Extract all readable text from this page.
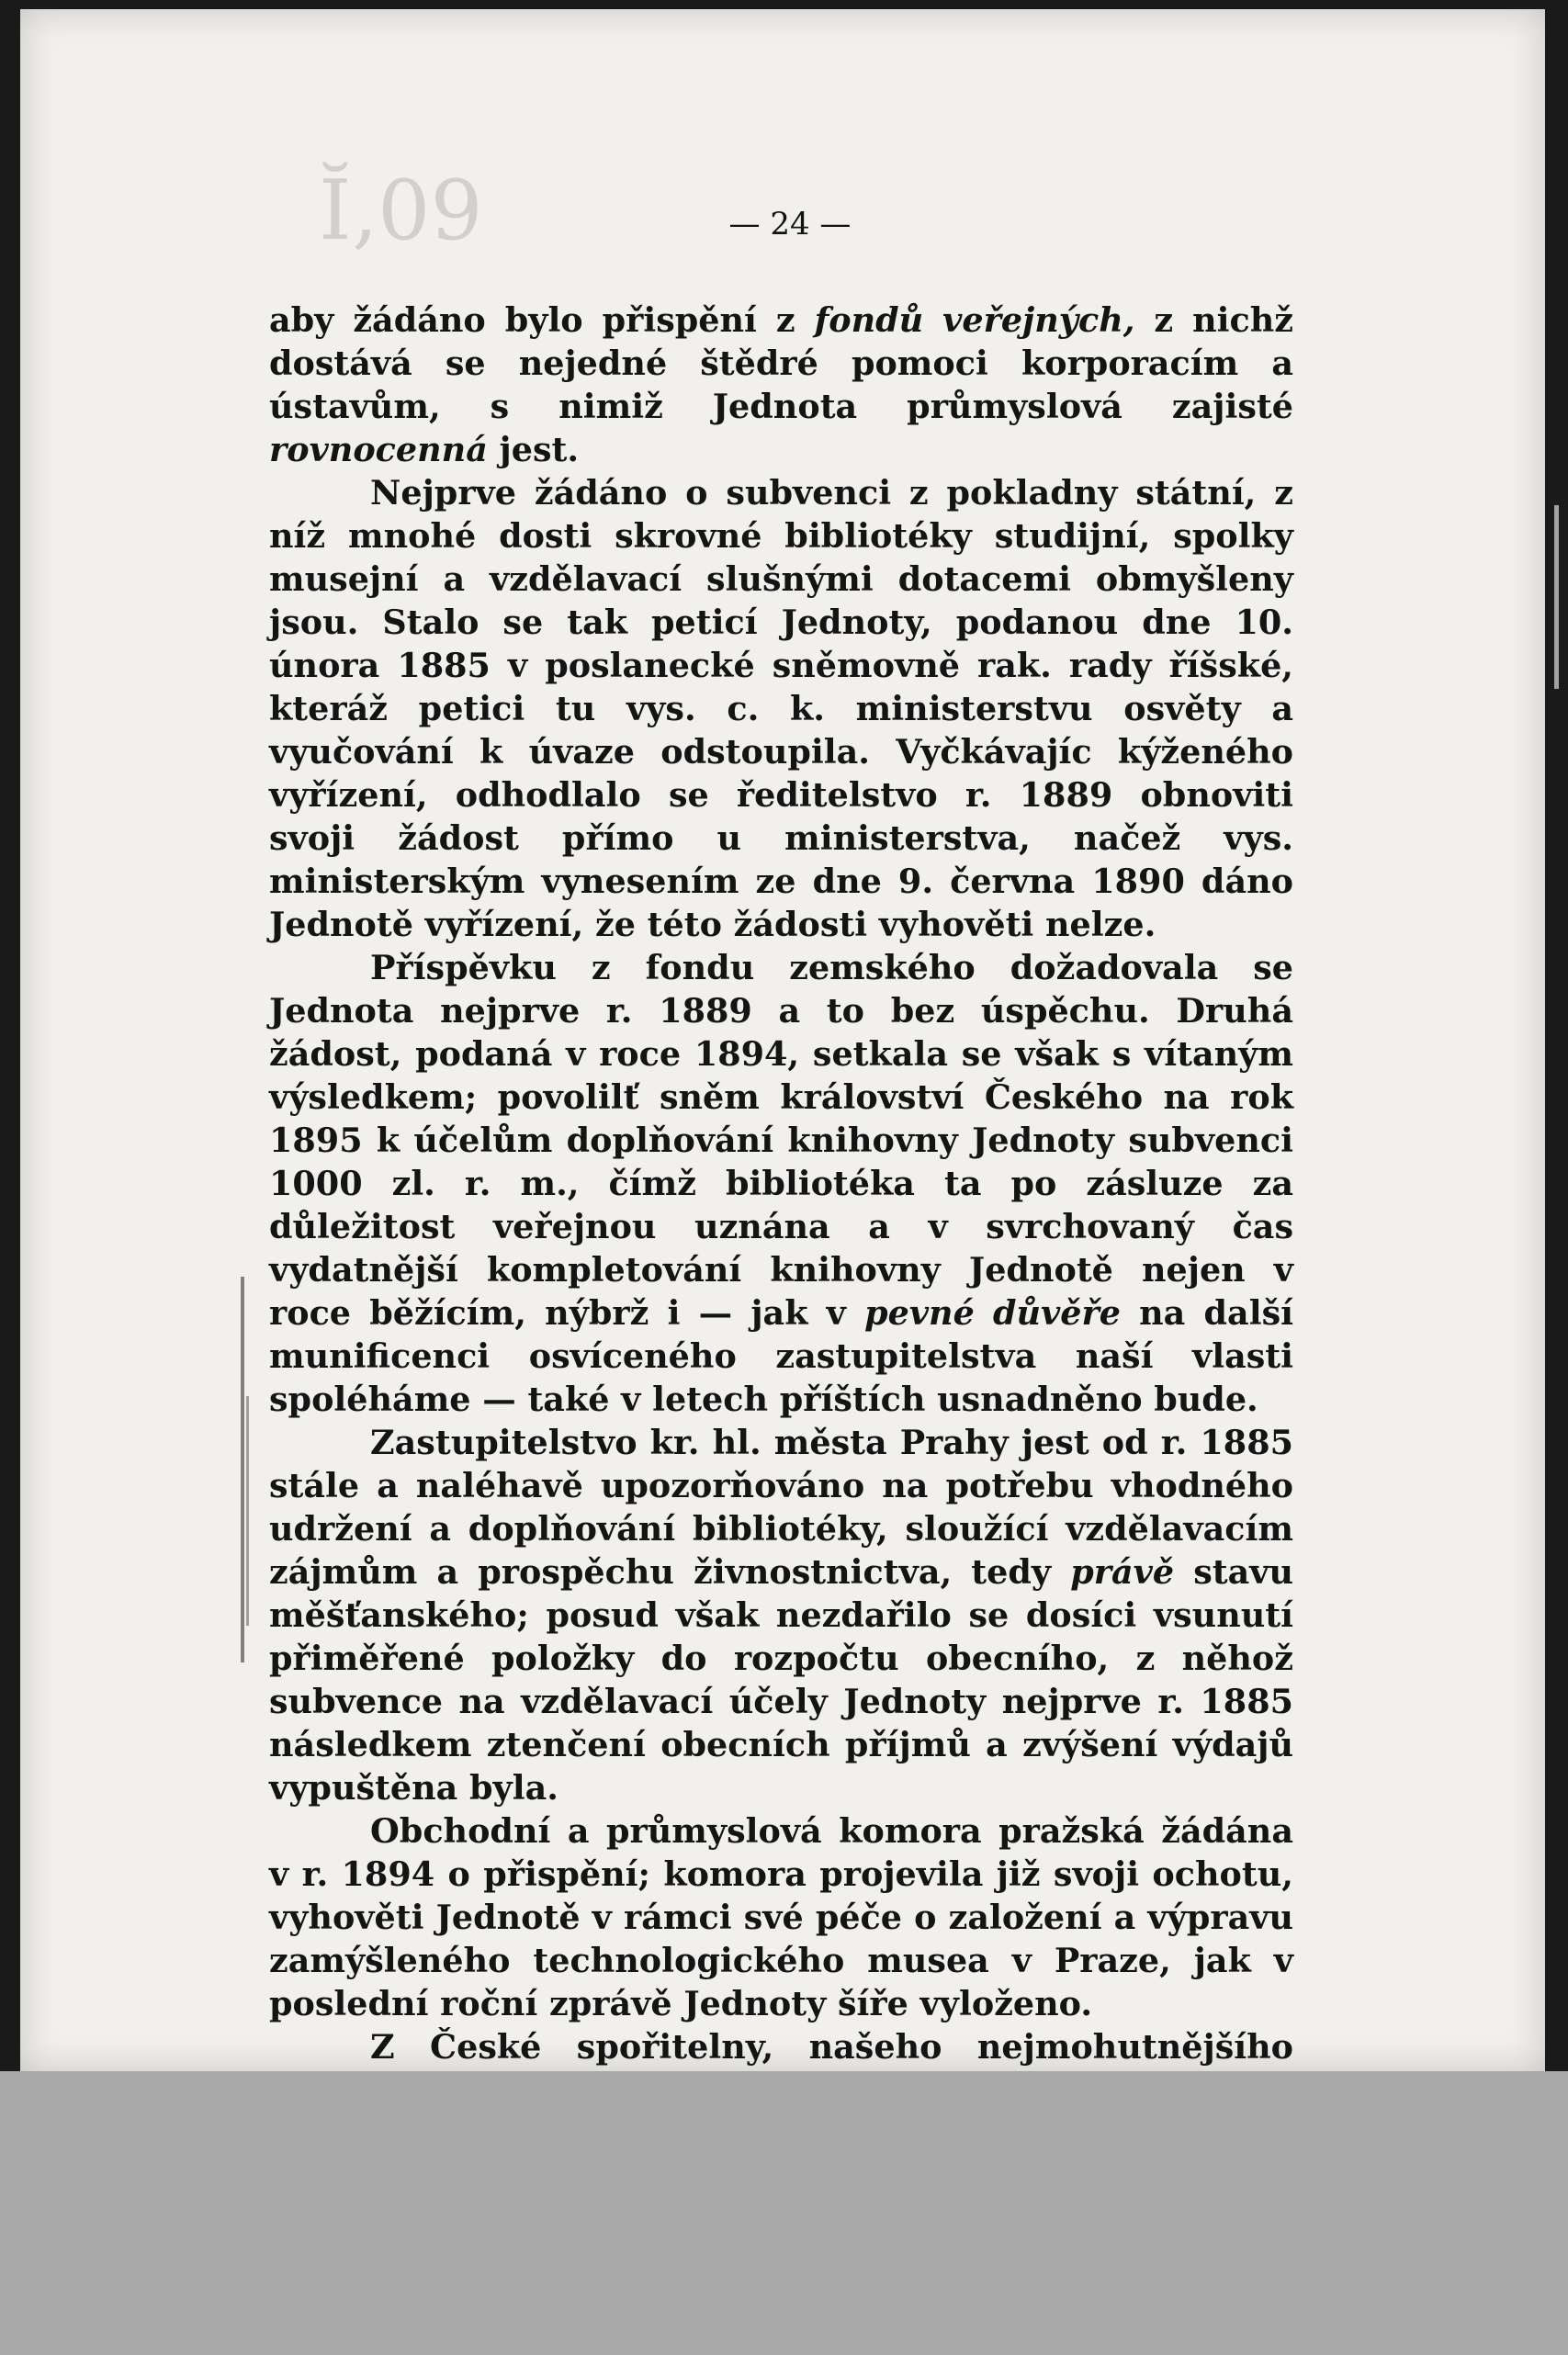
Ĭ‚09	— 24 —

aby žádáno bylo přispění z fondů veřejných, z nichž dostává se nejedné štědré pomoci korporacím a ústavům, s nimiž Jednota průmyslová zajisté rovnocenná jest.

Nejprve žádáno o subvenci z pokladny státní, z níž mnohé dosti skrovné bibliotéky studijní, spolky musejní a vzdělavací slušnými dotacemi obmyšleny jsou. Stalo se tak peticí Jednoty, podanou dne 10. února 1885 v poslanecké sněmovně rak. rady říšské, kteráž petici tu vys. c. k. ministerstvu osvěty a vyučování k úvaze odstoupila. Vyčkávajíc kýženého vyřízení, odhodlalo se ředitelstvo r. 1889 obnoviti svoji žádost přímo u ministerstva, načež vys. ministerským vynesením ze dne 9. června 1890 dáno Jednotě vyřízení, že této žádosti vyhověti nelze.

Příspěvku z fondu zemského dožadovala se Jednota nejprve r. 1889 a to bez úspěchu. Druhá žádost, podaná v roce 1894, setkala se však s vítaným výsledkem; povolilť sněm království Českého na rok 1895 k účelům doplňování knihovny Jednoty subvenci 1000 zl. r. m., čímž bibliotéka ta po zásluze za důležitost veřejnou uznána a v svrchovaný čas vydatnější kompletování knihovny Jednotě nejen v roce běžícím, nýbrž i — jak v pevné důvěře na další munificenci osvíceného zastupitelstva naší vlasti spoléháme — také v letech příštích usnadněno bude.

Zastupitelstvo kr. hl. města Prahy jest od r. 1885 stále a naléhavě upozorňováno na potřebu vhodného udržení a doplňování bibliotéky, sloužící vzdělavacím zájmům a prospěchu živnostnictva, tedy právě stavu měšťanského; posud však nezdařilo se dosíci vsunutí přiměřené položky do rozpočtu obecního, z něhož subvence na vzdělavací účely Jednoty nejprve r. 1885 následkem ztenčení obecních příjmů a zvýšení výdajů vypuštěna byla.

Obchodní a průmyslová komora pražská žádána v r. 1894 o přispění; komora projevila již svoji ochotu, vyhověti Jednotě v rámci své péče o založení a výpravu zamýšleného technologického musea v Praze, jak v poslední roční zprávě Jednoty šíře vyloženo.

Z České spořitelny, našeho nejmohutnějšího
